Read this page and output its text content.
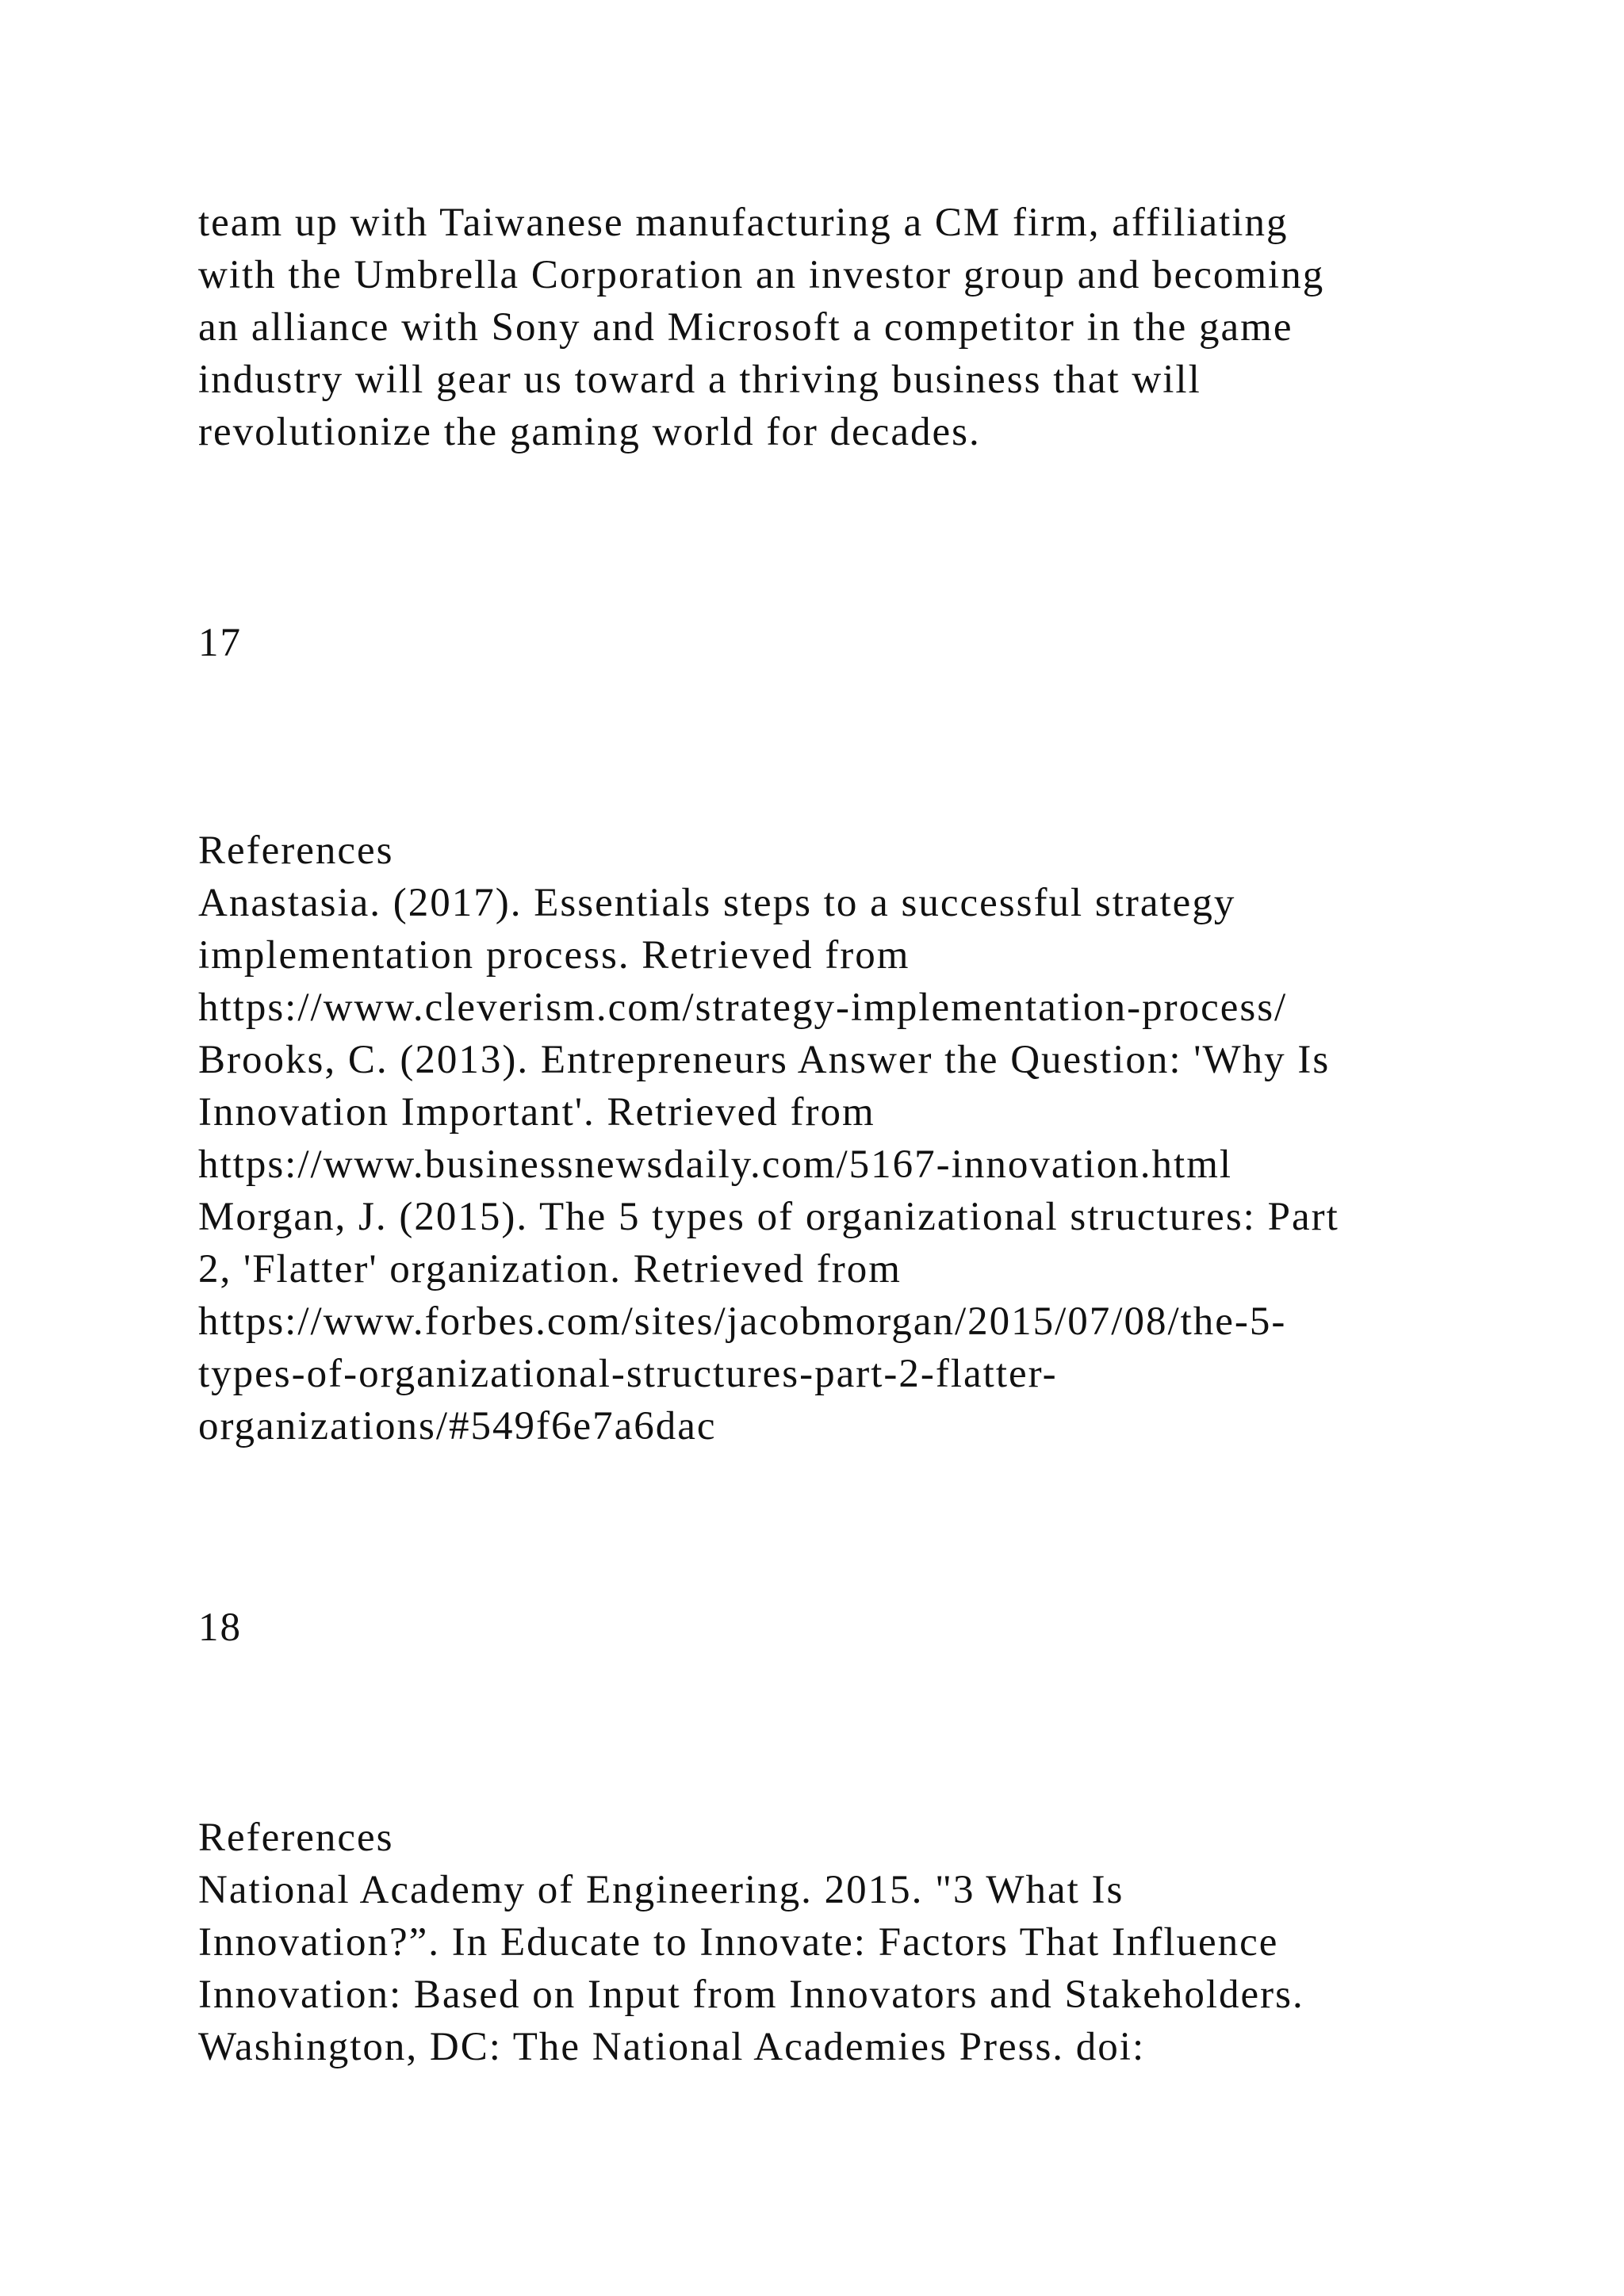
team up with Taiwanese manufacturing a CM firm, affiliating
with the Umbrella Corporation an investor group and becoming
an alliance with Sony and Microsoft a competitor in the game
industry will gear us toward a thriving business that will
revolutionize the gaming world for decades.
17
References
Anastasia. (2017). Essentials steps to a successful strategy
implementation process. Retrieved from
https://www.cleverism.com/strategy-implementation-process/
Brooks, C. (2013). Entrepreneurs Answer the Question: 'Why Is
Innovation Important'. Retrieved from
https://www.businessnewsdaily.com/5167-innovation.html
Morgan, J. (2015). The 5 types of organizational structures: Part
2, 'Flatter' organization. Retrieved from
https://www.forbes.com/sites/jacobmorgan/2015/07/08/the-5-
types-of-organizational-structures-part-2-flatter-
organizations/#549f6e7a6dac
18
References
National Academy of Engineering. 2015. "3 What Is
Innovation?”. In Educate to Innovate: Factors That Influence
Innovation: Based on Input from Innovators and Stakeholders.
Washington, DC: The National Academies Press. doi:
